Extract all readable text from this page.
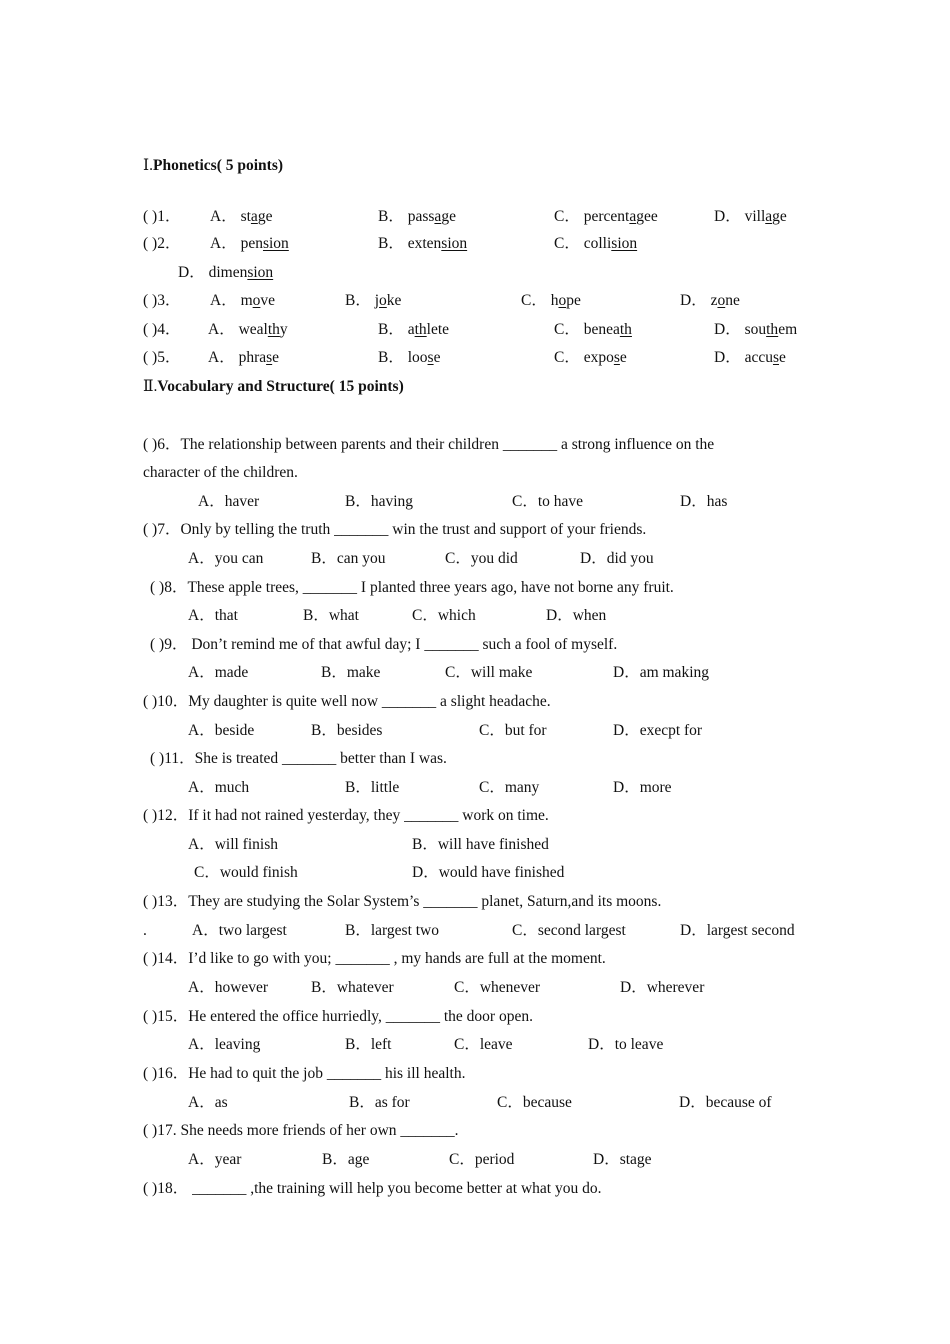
Ⅰ.Phonetics( 5 points)
( )1． A． stage	B． passage	C． percentagee	D． village
( )2． A． pension	B． extension	C． collision
D． dimension
( )3． A． move	B． joke	C． hope	D． zone
( )4． A． wealthy	B． athlete	C． beneath	D． southem
( )5． A． phrase	B． loose	C． expose	D． accuse
Ⅱ.Vocabulary and Structure( 15 points)
( )6．The relationship between parents and their children _______ a strong influence on the
character of the children.
A．haver	B．having	C．to have	D．has
( )7．Only by telling the truth _______ win the trust and support of your friends.
A．you can	B．can you	C．you did	D．did you
( )8．These apple trees, _______ I planted three years ago, have not borne any fruit.
A．that	B．what	C．which	D．when
( )9． Don’t remind me of that awful day; I _______ such a fool of myself.
A．made	B．make	C．will make	D．am making
( )10．My daughter is quite well now _______ a slight headache.
A．beside	B．besides	C．but for	D．execpt for
( )11．She is treated _______ better than I was.
A．much	B．little	C．many	D．more
( )12．If it had not rained yesterday, they _______ work on time.
A．will finish	B．will have finished
C．would finish	D．would have finished
( )13．They are studying the Solar System’s _______ planet, Saturn,and its moons.
.	A．two largest	B．largest two	C．second largest	D．largest second
( )14．I’d like to go with you; _______ , my hands are full at the moment.
A．however	B．whatever	C．whenever	D．wherever
( )15．He entered the office hurriedly, _______ the door open.
A．leaving	B．left	C．leave	D．to leave
( )16．He had to quit the job _______ his ill health.
A．as	B．as for	C．because	D．because of
( )17. She needs more friends of her own _______.
A．year	B．age	C．period	D．stage
( )18． _______ ,the training will help you become better at what you do.
